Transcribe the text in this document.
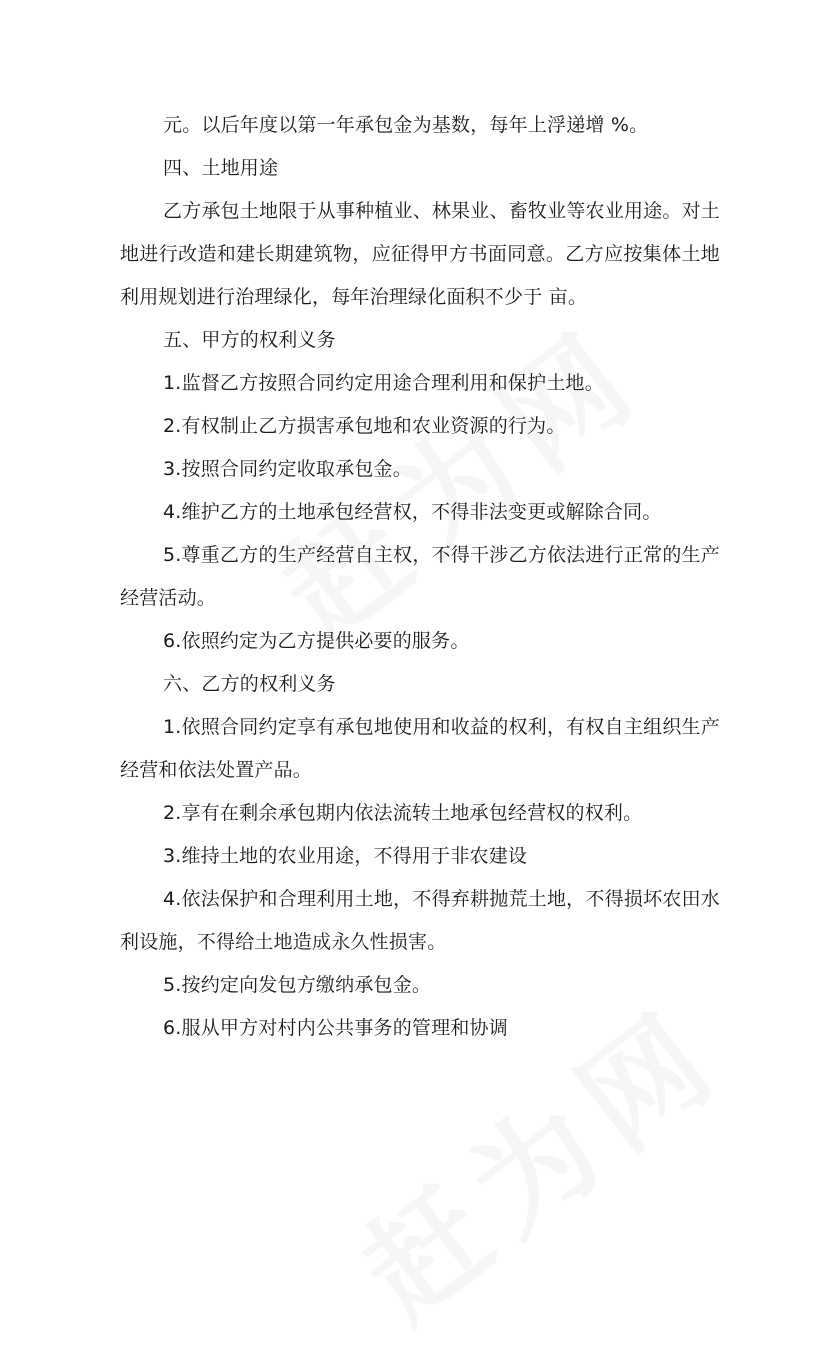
元。以后年度以第一年承包金为基数，每年上浮递增 %。

四、土地用途

乙方承包土地限于从事种植业、林果业、畜牧业等农业用途。对土地进行改造和建长期建筑物，应征得甲方书面同意。乙方应按集体土地利用规划进行治理绿化，每年治理绿化面积不少于 亩。

五、甲方的权利义务

1.监督乙方按照合同约定用途合理利用和保护土地。

2.有权制止乙方损害承包地和农业资源的行为。

3.按照合同约定收取承包金。

4.维护乙方的土地承包经营权，不得非法变更或解除合同。

5.尊重乙方的生产经营自主权，不得干涉乙方依法进行正常的生产经营活动。

6.依照约定为乙方提供必要的服务。

六、乙方的权利义务

1.依照合同约定享有承包地使用和收益的权利，有权自主组织生产经营和依法处置产品。

2.享有在剩余承包期内依法流转土地承包经营权的权利。

3.维持土地的农业用途，不得用于非农建设

4.依法保护和合理利用土地，不得弃耕抛荒土地，不得损坏农田水利设施，不得给土地造成永久性损害。

5.按约定向发包方缴纳承包金。

6.服从甲方对村内公共事务的管理和协调
